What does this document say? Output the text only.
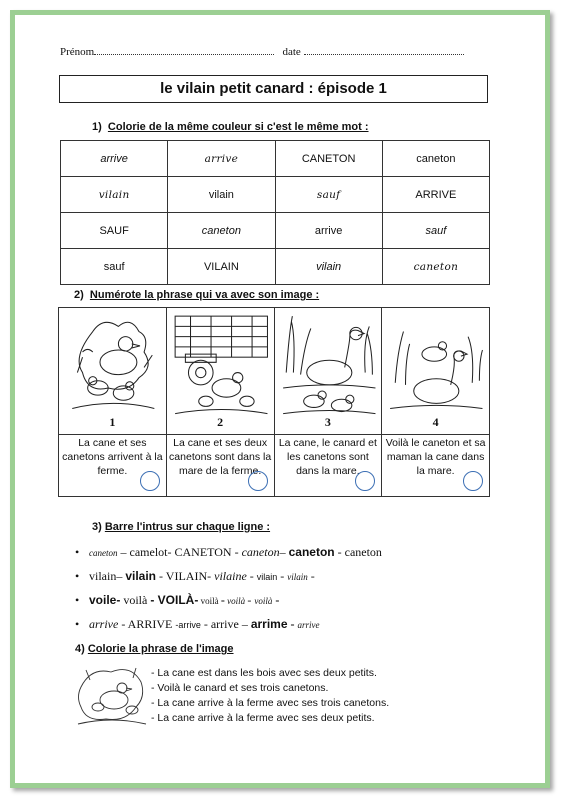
Prénom	date
le vilain petit canard : épisode 1
1) Colorie de la même couleur si c'est le même mot :
arrive	arrive	CANETON	caneton
vilain	vilain	sauf	ARRIVE
SAUF	caneton	arrive	sauf
sauf	VILAIN	vilain	caneton
2) Numérote la phrase qui va avec son image :
1
La cane et ses canetons arrivent à la ferme.
2
La cane et ses deux canetons sont dans la mare de la ferme.
3
La cane, le canard et les canetons sont dans la mare.
4
Voilà le caneton et sa maman la cane dans la mare.
3) Barre l'intrus sur chaque ligne :
• caneton – camelot- CANETON - caneton– caneton - caneton
• vilain– vilain - VILAIN- vilaine - vilain - vilain -
• voile- voilà - VOILÀ- voilà - voilà - voilà -
• arrive - ARRIVE -arrive - arrive – arrime - arrive
4) Colorie la phrase de l'image
- La cane est dans les bois avec ses deux petits.
- Voilà le canard et ses trois canetons.
- La cane arrive à la ferme avec ses trois canetons.
- La cane arrive à la ferme avec ses deux petits.
